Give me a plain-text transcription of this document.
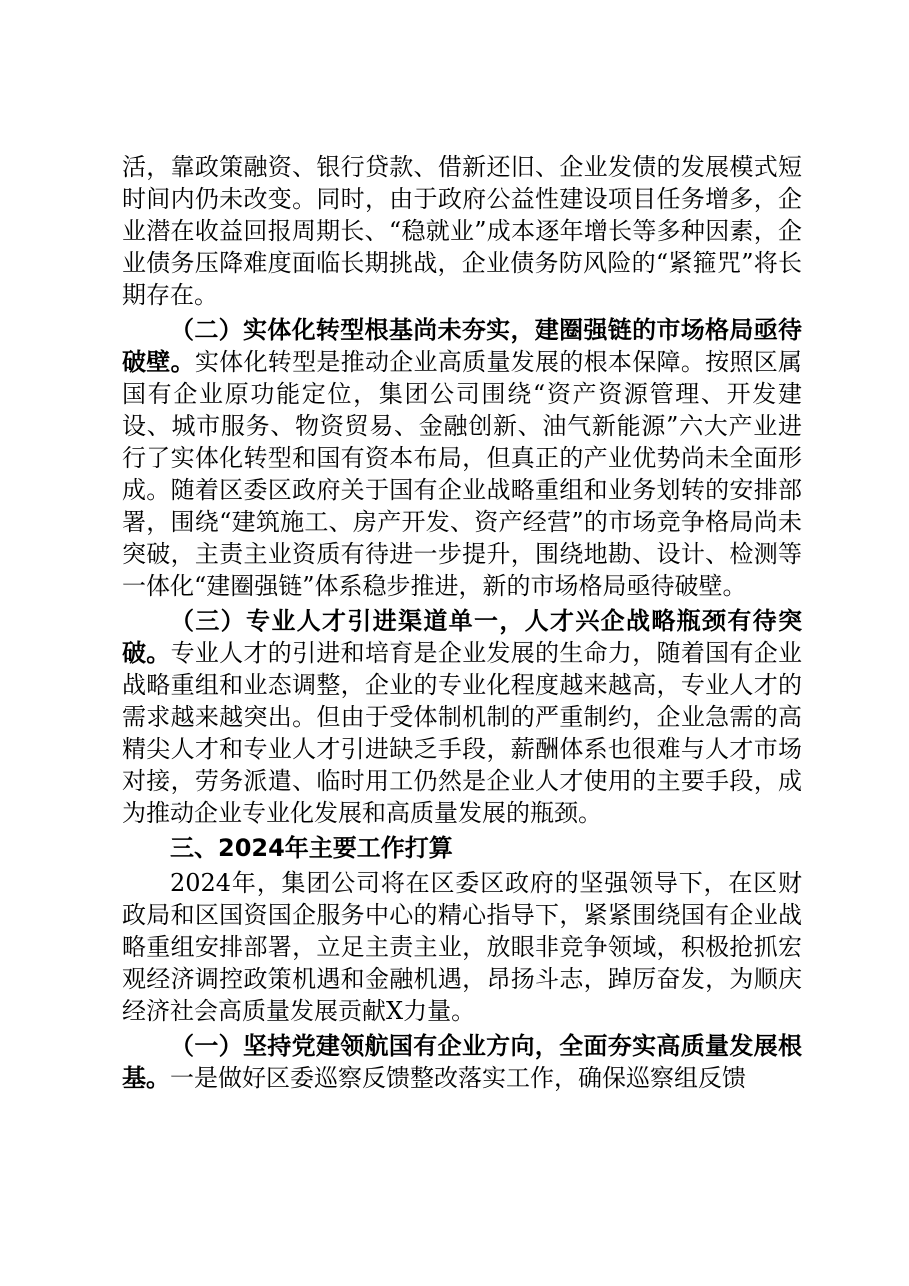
活，靠政策融资、银行贷款、借新还旧、企业发债的发展模式短时间内仍未改变。同时，由于政府公益性建设项目任务增多，企业潜在收益回报周期长、“稳就业”成本逐年增长等多种因素，企业债务压降难度面临长期挑战，企业债务防风险的“紧箍咒”将长期存在。

（二）实体化转型根基尚未夯实，建圈强链的市场格局亟待破壁。实体化转型是推动企业高质量发展的根本保障。按照区属国有企业原功能定位，集团公司围绕“资产资源管理、开发建设、城市服务、物资贸易、金融创新、油气新能源”六大产业进行了实体化转型和国有资本布局，但真正的产业优势尚未全面形成。随着区委区政府关于国有企业战略重组和业务划转的安排部署，围绕“建筑施工、房产开发、资产经营”的市场竞争格局尚未突破，主责主业资质有待进一步提升，围绕地勘、设计、检测等一体化“建圈强链”体系稳步推进，新的市场格局亟待破壁。

（三）专业人才引进渠道单一，人才兴企战略瓶颈有待突破。专业人才的引进和培育是企业发展的生命力，随着国有企业战略重组和业态调整，企业的专业化程度越来越高，专业人才的需求越来越突出。但由于受体制机制的严重制约，企业急需的高精尖人才和专业人才引进缺乏手段，薪酬体系也很难与人才市场对接，劳务派遣、临时用工仍然是企业人才使用的主要手段，成为推动企业专业化发展和高质量发展的瓶颈。

三、2024年主要工作打算

2024年，集团公司将在区委区政府的坚强领导下，在区财政局和区国资国企服务中心的精心指导下，紧紧围绕国有企业战略重组安排部署，立足主责主业，放眼非竞争领域，积极抢抓宏观经济调控政策机遇和金融机遇，昂扬斗志，踔厉奋发，为顺庆经济社会高质量发展贡献X力量。

（一）坚持党建领航国有企业方向，全面夯实高质量发展根基。一是做好区委巡察反馈整改落实工作，确保巡察组反馈
